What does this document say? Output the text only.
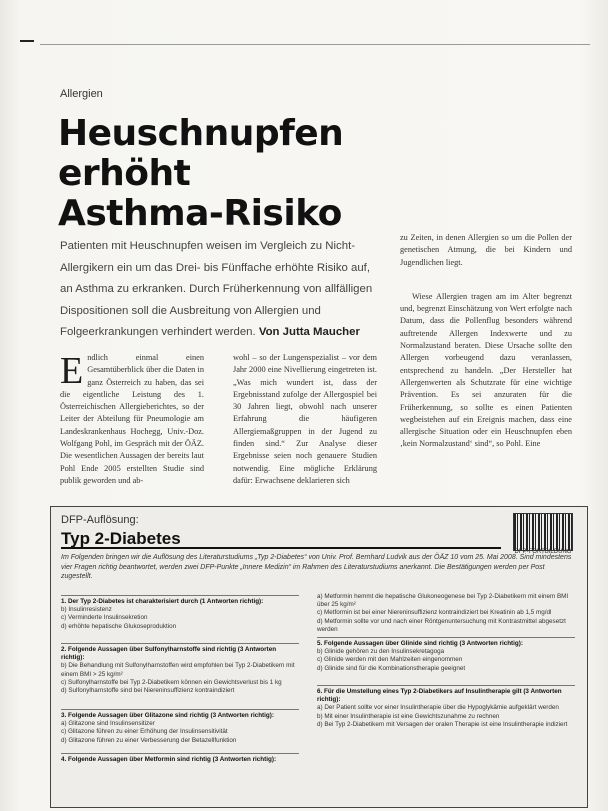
Allergien
Heuschnupfen erhöht
Asthma-Risiko

Patienten mit Heuschnupfen weisen im Vergleich zu Nicht-Allergikern ein um das Drei- bis Fünffache erhöhte Risiko auf, an Asthma zu erkranken. Durch Früherkennung von allfälligen Dispositionen soll die Ausbreitung von Allergien und Folgeerkrankungen verhindert werden. Von Jutta Maucher

Endlich einmal einen Gesamtüberblick über die Daten in ganz Österreich zu haben, das sei die eigentliche Leistung des 1. Österreichischen Allergieberichtes, so der Leiter der Abteilung für Pneumologie am Landeskrankenhaus Hochegg, Univ.-Doz. Wolfgang Pohl, im Gespräch mit der ÖÄZ. Die wesentlichen Aussagen der bereits laut Pohl Ende 2005 erstellten Studie sind publik geworden und ab-

wohl – so der Lungenspezialist – vor dem Jahr 2000 eine Nivellierung eingetreten ist. „Was mich wundert ist, dass der Ergebnisstand zufolge der Allergospiel bei 30 Jahren liegt, obwohl nach unserer Erfahrung die häufigeren Allergiemaßgruppen in der Jugend zu finden sind.“ Zur Analyse dieser Ergebnisse seien noch genauere Studien notwendig. Eine mögliche Erklärung dafür: Erwachsene deklarieren sich

zu Zeiten, in denen Allergien so um die Pollen der genetischen Atmung, die bei Kindern und Jugendlichen liegt.
Wiese Allergien tragen am im Alter begrenzt und, begrenzt Einschätzung von Wert erfolgte nach Datum, dass die Pollenflug besonders während auftretende Allergen Indexwerte und zu Normalzustand beraten. Diese Ursache sollte den Allergen vorbeugend dazu veranlassen, entsprechend zu handeln. „Der Hersteller hat Allergenwerten als Schutzrate für eine wichtige Prävention. Es sei anzuraten für die Früherkennung, so sollte es einen Patienten wegbeistehen auf ein Ereignis machen, dass eine allergische Situation oder ein Heuschnupfen eben ‚kein Normalzustand‘ sind“, so Pohl. Eine
DFP-Auflösung:
Typ 2-Diabetes
DFP-FORTBILDUNG

Im Folgenden bringen wir die Auflösung des Literaturstudiums „Typ 2-Diabetes“ von Univ. Prof. Bernhard Ludvik aus der ÖÄZ 10 vom 25. Mai 2008. Sind mindestens vier Fragen richtig beantwortet, werden zwei DFP-Punkte „Innere Medizin“ im Rahmen des Literaturstudiums anerkannt. Die Bestätigungen werden per Post zugestellt.

1. Der Typ 2-Diabetes ist charakterisiert durch (1 Antworten richtig):
b) Insulinresistenz
c) Verminderte Insulinsekretion
d) erhöhte hepatische Glukoseproduktion
2. Folgende Aussagen über Sulfonylharnstoffe sind richtig (3 Antworten richtig):
b) Die Behandlung mit Sulfonylharnstoffen wird empfohlen bei Typ 2-Diabetikern mit einem BMI > 25 kg/m²
c) Sulfonylharnstoffe bei Typ 2-Diabetikern können ein Gewichtsverlust bis 1 kg
d) Sulfonylharnstoffe sind bei Niereninsuffizienz kontraindiziert
3. Folgende Aussagen über Glitazone sind richtig (3 Antworten richtig):
a) Glitazone sind Insulinsensitizer
c) Glitazone führen zu einer Erhöhung der Insulinsensitivität
d) Glitazone führen zu einer Verbesserung der Betazellfunktion
4. Folgende Aussagen über Metformin sind richtig (3 Antworten richtig):
a) Metformin hemmt die hepatische Glukoneogenese bei Typ 2-Diabetikern mit einem BMI über 25 kg/m²
c) Metformin ist bei einer Niereninsuffizienz kontraindiziert bei Kreatinin ab 1,5 mg/dl
d) Metformin sollte vor und nach einer Röntgenuntersuchung mit Kontrastmittel abgesetzt werden
5. Folgende Aussagen über Glinide sind richtig (3 Antworten richtig):
b) Glinide gehören zu den Insulinsekretagoga
c) Glinide werden mit den Mahlzeiten eingenommen
d) Glinide sind für die Kombinationstherapie geeignet
6. Für die Umstellung eines Typ 2-Diabetikers auf Insulintherapie gilt (3 Antworten richtig):
a) Der Patient sollte vor einer Insulintherapie über die Hypoglykämie aufgeklärt werden
b) Mit einer Insulintherapie ist eine Gewichtszunahme zu rechnen
d) Bei Typ 2-Diabetikern mit Versagen der oralen Therapie ist eine Insulintherapie indiziert
